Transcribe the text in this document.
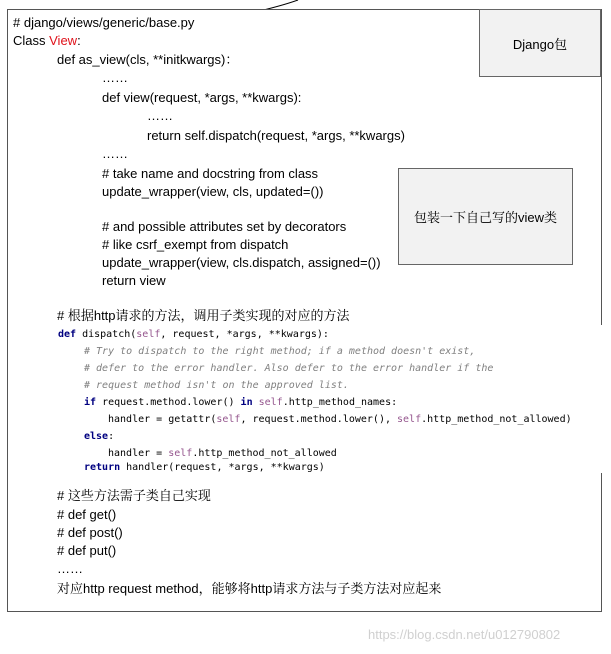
Django包
# django/views/generic/base.py
Class View:
def as_view(cls, **initkwargs)：
……
def view(request, *args, **kwargs):
……
return self.dispatch(request, *args, **kwargs)
……
# take name and docstring from class
update_wrapper(view, cls, updated=())
# and possible attributes set by decorators
# like csrf_exempt from dispatch
update_wrapper(view, cls.dispatch, assigned=())
return view
包装一下自己写的view类
# 根据http请求的方法，调用子类实现的对应的方法
def dispatch(self, request, *args, **kwargs):
# Try to dispatch to the right method; if a method doesn't exist,
# defer to the error handler. Also defer to the error handler if the
# request method isn't on the approved list.
if request.method.lower() in self.http_method_names:
handler = getattr(self, request.method.lower(), self.http_method_not_allowed)
else:
handler = self.http_method_not_allowed
return handler(request, *args, **kwargs)
# 这些方法需子类自己实现
# def get()
# def post()
# def put()
……
对应http request method，能够将http请求方法与子类方法对应起来
https://blog.csdn.net/u012790802
